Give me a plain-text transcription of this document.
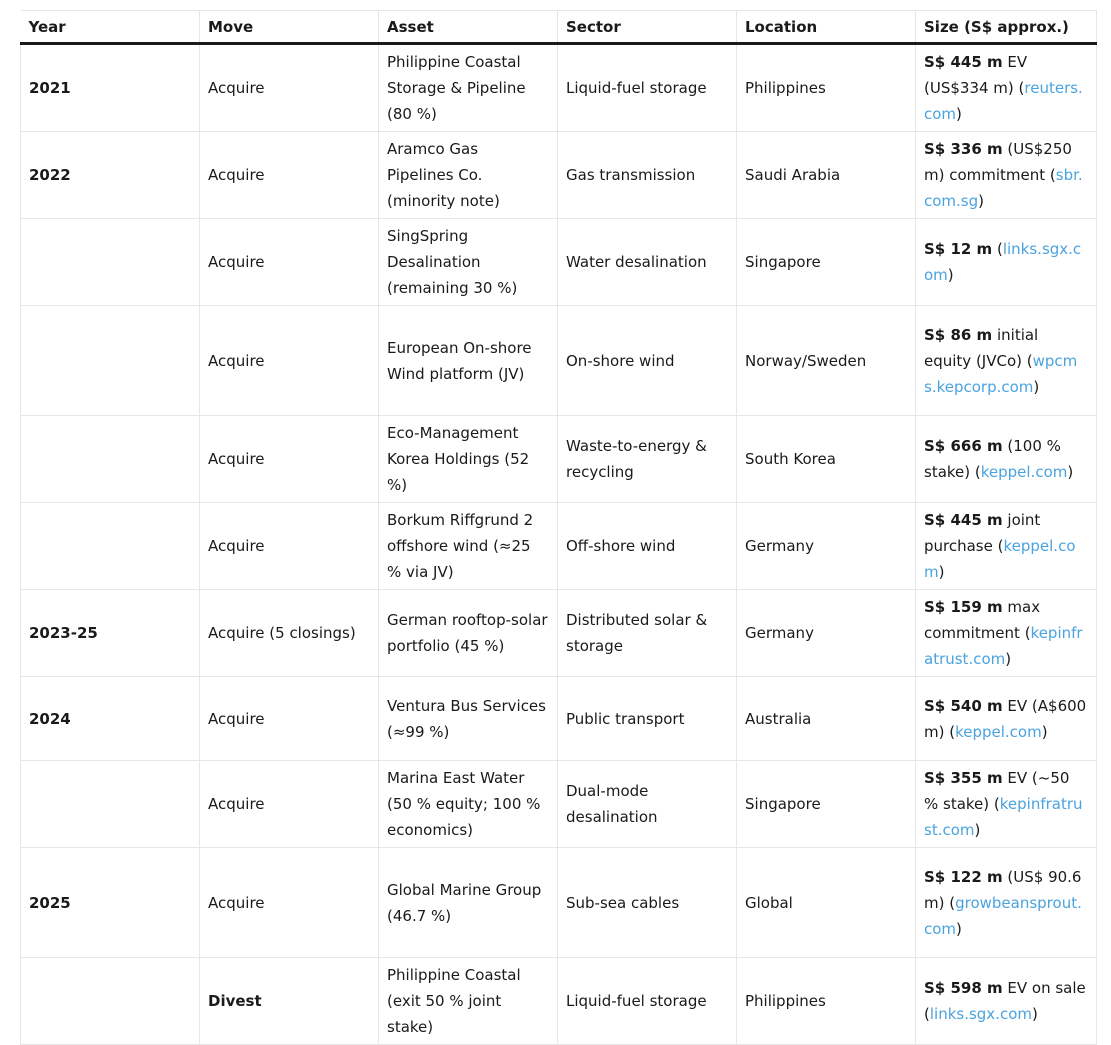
Year	Move	Asset	Sector	Location	Size (S$ approx.)
2021	Acquire	Philippine Coastal Storage & Pipeline (80 %)	Liquid-fuel storage	Philippines	S$ 445 m EV (US$334 m) (reuters.com)
2022	Acquire	Aramco Gas Pipelines Co. (minority note)	Gas transmission	Saudi Arabia	S$ 336 m (US$250 m) commitment (sbr.com.sg)
	Acquire	SingSpring Desalination (remaining 30 %)	Water desalination	Singapore	S$ 12 m (links.sgx.com)
	Acquire	European On-shore Wind platform (JV)	On-shore wind	Norway/Sweden	S$ 86 m initial equity (JVCo) (wpcms.kepcorp.com)
	Acquire	Eco-Management Korea Holdings (52 %)	Waste-to-energy & recycling	South Korea	S$ 666 m (100 % stake) (keppel.com)
	Acquire	Borkum Riffgrund 2 offshore wind (≈25 % via JV)	Off-shore wind	Germany	S$ 445 m joint purchase (keppel.com)
2023-25	Acquire (5 closings)	German rooftop-solar portfolio (45 %)	Distributed solar & storage	Germany	S$ 159 m max commitment (kepinfratrust.com)
2024	Acquire	Ventura Bus Services (≈99 %)	Public transport	Australia	S$ 540 m EV (A$600 m) (keppel.com)
	Acquire	Marina East Water (50 % equity; 100 % economics)	Dual-mode desalination	Singapore	S$ 355 m EV (~50 % stake) (kepinfratrust.com)
2025	Acquire	Global Marine Group (46.7 %)	Sub-sea cables	Global	S$ 122 m (US$ 90.6 m) (growbeansprout.com)
	Divest	Philippine Coastal (exit 50 % joint stake)	Liquid-fuel storage	Philippines	S$ 598 m EV on sale (links.sgx.com)
